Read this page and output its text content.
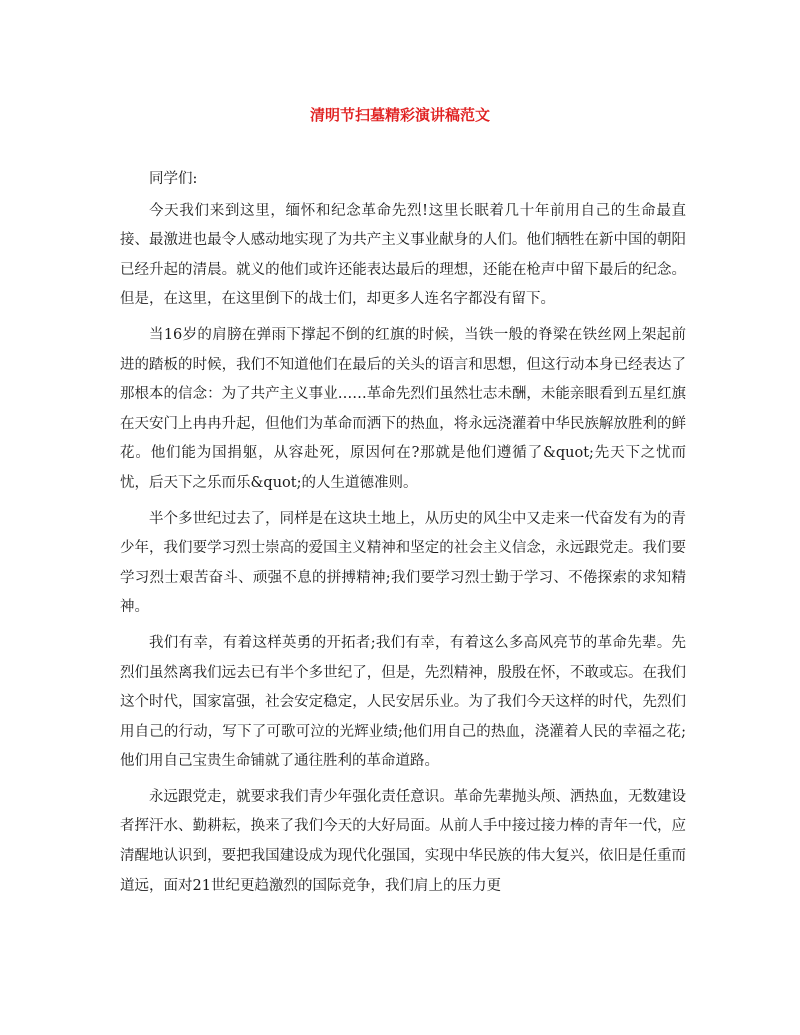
清明节扫墓精彩演讲稿范文

同学们:

今天我们来到这里，缅怀和纪念革命先烈!这里长眠着几十年前用自己的生命最直接、最激进也最令人感动地实现了为共产主义事业献身的人们。他们牺牲在新中国的朝阳已经升起的清晨。就义的他们或许还能表达最后的理想，还能在枪声中留下最后的纪念。但是，在这里，在这里倒下的战士们，却更多人连名字都没有留下。

当16岁的肩膀在弹雨下撑起不倒的红旗的时候，当铁一般的脊梁在铁丝网上架起前进的踏板的时候，我们不知道他们在最后的关头的语言和思想，但这行动本身已经表达了那根本的信念：为了共产主义事业……革命先烈们虽然壮志未酬，未能亲眼看到五星红旗在天安门上冉冉升起，但他们为革命而洒下的热血，将永远浇灌着中华民族解放胜利的鲜花。他们能为国捐躯，从容赴死，原因何在?那就是他们遵循了&quot;先天下之忧而忧，后天下之乐而乐&quot;的人生道德准则。

半个多世纪过去了，同样是在这块土地上，从历史的风尘中又走来一代奋发有为的青少年，我们要学习烈士崇高的爱国主义精神和坚定的社会主义信念，永远跟党走。我们要学习烈士艰苦奋斗、顽强不息的拼搏精神;我们要学习烈士勤于学习、不倦探索的求知精神。

我们有幸，有着这样英勇的开拓者;我们有幸，有着这么多高风亮节的革命先辈。先烈们虽然离我们远去已有半个多世纪了，但是，先烈精神，殷殷在怀，不敢或忘。在我们这个时代，国家富强，社会安定稳定，人民安居乐业。为了我们今天这样的时代，先烈们用自己的行动，写下了可歌可泣的光辉业绩;他们用自己的热血，浇灌着人民的幸福之花;他们用自己宝贵生命铺就了通往胜利的革命道路。

永远跟党走，就要求我们青少年强化责任意识。革命先辈抛头颅、洒热血，无数建设者挥汗水、勤耕耘，换来了我们今天的大好局面。从前人手中接过接力棒的青年一代，应清醒地认识到，要把我国建设成为现代化强国，实现中华民族的伟大复兴，依旧是任重而道远，面对21世纪更趋激烈的国际竞争，我们肩上的压力更
